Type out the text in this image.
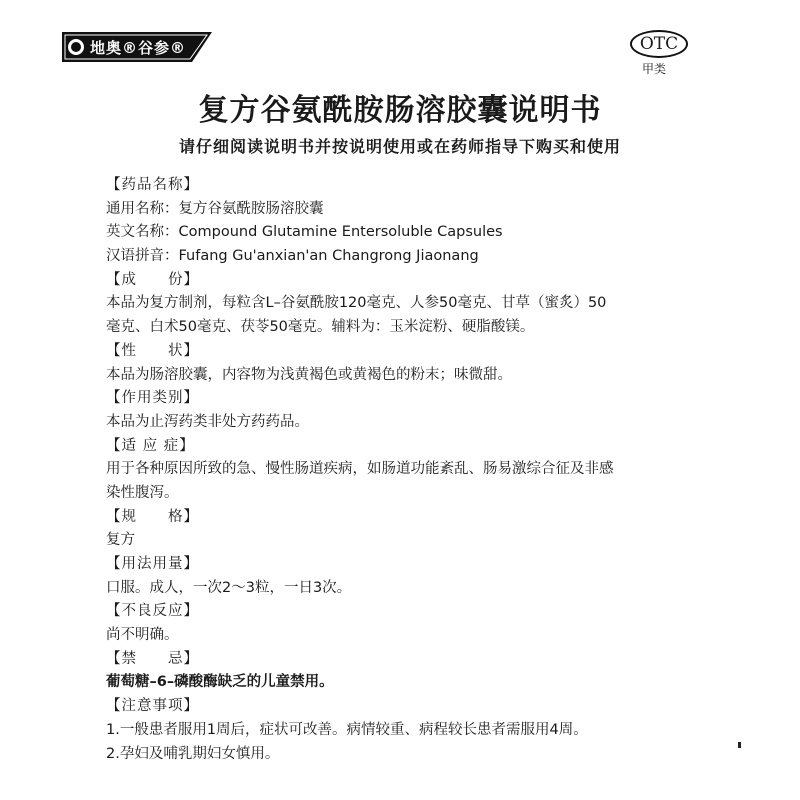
地奥®谷参®	OTC
甲类
复方谷氨酰胺肠溶胶囊说明书
请仔细阅读说明书并按说明使用或在药师指导下购买和使用
【药品名称】
通用名称：复方谷氨酰胺肠溶胶囊
英文名称：Compound Glutamine Entersoluble Capsules
汉语拼音：Fufang Gu'anxian'an Changrong Jiaonang
【成　　份】
本品为复方制剂，每粒含L–谷氨酰胺120毫克、人参50毫克、甘草（蜜炙）50
毫克、白术50毫克、茯苓50毫克。辅料为：玉米淀粉、硬脂酸镁。
【性　　状】
本品为肠溶胶囊，内容物为浅黄褐色或黄褐色的粉末；味微甜。
【作用类别】
本品为止泻药类非处方药药品。
【适 应 症】
用于各种原因所致的急、慢性肠道疾病，如肠道功能紊乱、肠易激综合征及非感
染性腹泻。
【规　　格】
复方
【用法用量】
口服。成人，一次2～3粒，一日3次。
【不良反应】
尚不明确。
【禁　　忌】
葡萄糖–6–磷酸酶缺乏的儿童禁用。
【注意事项】
1.一般患者服用1周后，症状可改善。病情较重、病程较长患者需服用4周。
2.孕妇及哺乳期妇女慎用。
